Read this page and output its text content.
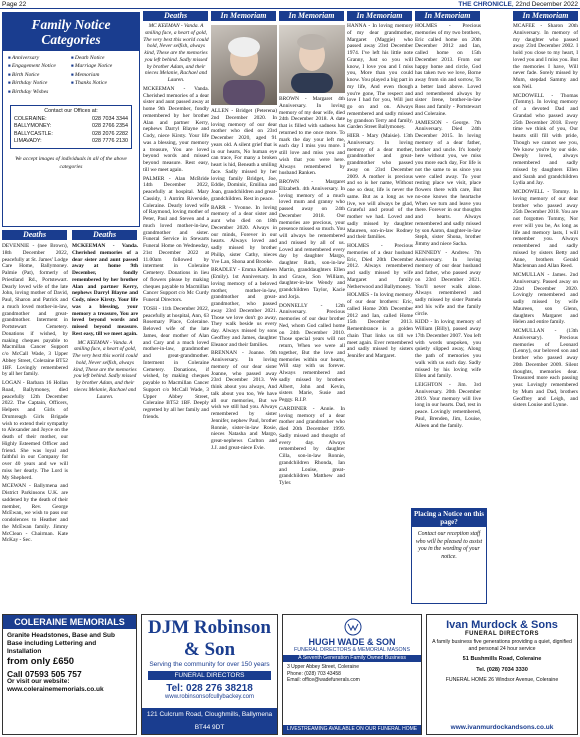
Page 22	THE CHRONICLE, 22nd December 2022
Family Notice Categories
■ Anniversary
■ Engagement Notice
■ Birth Notice
■ Birthday Notice
■ Birthday Wishes
■ Death Notice
■ Marriage Notice
■ Memoriam
■ Thanks Notice
Contact our Offices at:
COLERAINE:	028 7034 3344
BALLYMONEY:	028 2766 2354
BALLYCASTLE:	028 2076 2282
LIMAVADY:	028 7776 2130
We accept images of individuals in all of the above categories
Deaths	In Memoriam	In Memoriam	In Memoriam	In Memoriam	In Memoriam
Deaths	Deaths

DEVENNIE - (nee Brown), 18th December 2022, peacefully at St. James' Lodge Care Home, Ballymoney. Palmie (Pat), formerly of Priestland Rd., Portstewart. Dearly loved wife of the late John, loving mother of David, Paul, Sharon and Patrick and a much loved mother-in-law, grandmother and great-grandmother. Interment in Portstewart Cemetery. Donations if wished, by making cheques payable to Macmillan Cancer Support c/o McCall Wade, 3 Upper Abbey Street, Coleraine BT52 1BF. Lovingly remembered by all her family.

LOGAN - Barbara 16 Hollan Road, Ballymoney, died peacefully 12th December 2022. The Captain, Officers, Helpers and Girls of Drumreagh Girls Brigade wish to extend their sympathy to Alexander and Joyce on the death of their mother, our Highly Esteemed Officer and friend. She was loyal and faithful in our Company for over 40 years and we will miss her dearly. The Lord is My Shepherd.

MCEWAN - Ballymena and District Parkinsons U.K. are saddened by the death of their member, Rev. George McEwan, we wish to pass our condolences to Heather and the McEwan family. Jimmy McClean - Chairman. Kate McKay - Sec.

MCKEEMAN - Vanda. Cherished memories of a dear sister and aunt passed away at home 9th December, fondly remembered by her brother Alan and partner Kerry, nephews Darryl Blayne and Cody, niece Kirsty. Your life was a blessing, your memory a treasure, You are loved beyond words and missed beyond measure. Rest easy, till we meet again.

MC KEEMAN - Vanda. A smiling face, a heart of gold, The very best this world could hold, Never selfish, always kind, These are the memories you left behind. Sadly missed by brother Adam, and their nieces Melanie, Rachael and Lauren.

MC KEEMAN - Vanda. A smiling face, a heart of gold, The very best this world could hold, Never selfish, always kind, These are the memories you left behind. Sadly missed by brother Adam, and their nieces Melanie, Rachael and Lauren.

MCKEEMAN - Vanda. Cherished memories of a dear sister and aunt passed away at home 9th December, fondly remembered by her brother Alan and partner Kerry, nephews Darryl Blayne and Cody, niece Kirsty. Your life was a blessing, your memory a treasure, You are loved beyond words and missed beyond measure. Rest easy, till we meet again.

PALMER - Alan McBride 14th December 2022, peacefully at hospital. Mary Cassidy, 1 Antrim Riverside, Coleraine. Dearly loved wife of Raymond, loving mother of Peter, Paul and Steven and a much loved mother-in-law, grandmother and sister. Funeral Service in Stewarts Funeral Home on Wednesday, 21st December 2022 at 11.00am followed by interment in Coleraine Cemetery. Donations in lieu of flowers please by making cheques payable to Macmillan Cancer Support c/o Mc Curdy Funeral Directors.

TOSH - 11th December 2022, peacefully at hospital, Ann, 63 Rosemary Place, Coleraine. Beloved wife of the late James, dear mother of Alan and Cary and a much loved mother-in-law, grandmother and great-grandmother. Interment in Coleraine Cemetery. Donations, if wished, by making cheques payable to Macmillan Cancer Support c/o McCall Wade, 3 Upper Abbey Street, Coleraine BT52 1BF. Deeply regretted by all her family and friends.

ALLEN - Bridget (Peterena) 2nd December 2020. In loving memory of our dear mother who died on 23rd December 2020, aged 91 years old. A silent grief that is in our hearts, No human eye can trace, For many a broken heart is hid, Beneath a smiling face. Sadly missed by her loving family Bridget, Joe, Eddie, Dominic, Emilina and Joan, grandchildren and great-grandchildren. Rest in peace.

BARR - Yvonne. In loving memory of a dear sister and aunt who died on 18th December 2020. Always in our minds, Forever in our hearts. Always loved and sadly missed by brother Philip, sister Cathy, nieces Yve Lan, Shona and Brooke.

BRADLEY - Emma Kathleen (Emily). 1st Anniversary. In loving memory of a beloved mother, mother-in-law, grandmother and great-grandmother, who passed away 23rd December 2021. Those we love don't go away, They walk beside us every day. Always missed by sons Geoffrey and James, daughter Eleanor and their families.

BRENNAN - Joanne. 9th Anniversary. In loving memory of our dear sister Joanne, who passed away 23rd December 2013. We think about you always, And talk about you too, We have all our memories, But we wish we still had you. Always remembered by sister Jennifer, nephew Paul, brother Ronnie, sister-in-law Rosie, nieces Natasha and Margo, great-nephews Carlton and J.J. and great-niece Evie.

BROWN - Margaret 4th Anniversary. In loving memory of my dear wife, died 24th December 2018. A date that is filled with sadness has returned to me once more. To mark the day your left me, each day I miss you more. I still love and miss you and wish that you were here. Always remembered by husband Ranken.

BROWN - Margaret Elizabeth. 4th Anniversary. In loving memory of a much loved mum and granny who passed away on 24th December 2018. Our memories are precious, your presence missed so much. You will always be remembered and missed by all of us. Loved and remembered every day by daughter Margo, daughter Ruth, son-in-law Martin, granddaughters Ellen and Grace, Son William, daughter-in-law Wendy and grandchildren Taylor, Kacie and Jorja.

DONNELLY - 12th Anniversary. Precious memories of our dear brother Ned, whom God called home on 24th December 2010. Those special years will not return, When we were all together, But the love and memories within our hearts, Will stay with us forever. Always remembered and sadly missed by brothers Albert, John and Kevin, sisters Marie, Susie and Peggy. R.I.P.

GARDINER - Annie. In loving memory of a dear mother and grandmother who died 20th December 1999. Sadly missed and thought of every day. Always remembered by daughter Cilla, son-in-law Ronnie, grandchildren Rhonda, Ian and Louise, great-grandchildren Matthew and Tyler.

HANNA - In loving memory of my dear grandmother, Margaret (Maggie) who passed away 23rd December 1974. I've left his little note Granny, Just so you will know, I love you and I miss you, More than you could know. You played a big part in my life, And even though you're gone, The respect and love I had for you, Will just go on and on. Always remembered and sadly missed by grandson Terry and family, Garden Street Ballymoney.

HIER - Mary (Maisie). 13th Anniversary. In loving memory of a dear mother, grandmother and great-grandmother who passed away on 23rd December 2009. A mother is precious and so is her name, Without one so dear, life is never the same. But as a long as we live, we will always be glad, Grateful and proud of the mother we had. Loved and sadly missed by daughter Maureen, son-in-law Rodney and their families.

HOLMES - Precious memories of a dear husband Eric, Died 20th December 2012. Always remembered and sadly missed by wife Margaret and family Netherwood and Ballymoney.

HOLMES - In loving memory of our dear brothers: Eric, called Home 20th December 2012 and Ian, called Home 15th December 2013. Remembrance is a golden chain That links us till we meet again. Ever remembered and sadly missed by sisters Jennifer and Margaret.

HOLMES - Precious memories of my two brothers, Eric called home on 20th December 2012 and Ian, called home on 15th December 2013. From our happy home and circle, God has taken two we love, Borne away from sin and sorrow, To a better land above. Loved and remembered always by sister Irene, brother-in-law Ross and family - Portstewart and Coleraine.

JAMIESON - George. 7th Anniversary. Died 24th December 2015. In loving memory of a dear father, brother and uncle. It's lonely here without you, we miss you more each day, For life is not the same to us since you were called away. To your resting place we visit, place flowers there with care, But no-one knows the heartache When we turn and leave you there. Forever in our thoughts and hearts. Always remembered and sadly missed by son Aaron, daughter-in-law Steph, sister Shona, brother Jimmy and niece Sacha.

KENNEDY - Andrew. 7th Anniversary. In loving memory of our dear husband and father, who passed away on 23rd December 2021. You'll never walk alone. Always remembered and sadly missed by sister Pamela and his wife and the family circle.

KIDD - In loving memory of William (Billy), passed away 17th December 2007. You left with words unspoken, you quietly slipped away, Along the path of memories you walk with us each day. Sadly missed by his loving wife Ellen and family.

LEIGHTON - Jim. 3rd Anniversary. 20th December 2019. Your memory will live long in our hearts. Dad, rest in peace. Lovingly remembered, Paul, Brenden, Jim, Louise, Aileen and the family.

MCAFEE - Sharon 20th Anniversary. In memory of my daughter who passed away 23rd December 2002. I hold you close to my heart, I loved you and I miss you. But the memories I have, Will never fade. Sorely missed by Mum, stepdad Sammy and son Neil.

MCDOWELL - Thomas (Tommy). In loving memory of a devoted Dad and Grandad who passed away 25th December 2018. Every time we think of you, Our hearts still fill with pride, Though we cannot see you, We know you're by our side. Deeply loved, always remembered and sadly missed by daughters Ellen and Sarah and grandchildren Lydia and Jay.

MCDOWELL - Tommy. In loving memory of our dear brother who passed away 25th December 2018. You are not forgotten Tommy, Nor ever will you be, As long as life and memory lasts, I will remember you. Always remembered and sadly missed by sisters Betty and Anne, brothers Gerald Maclennan and Allan Reed.

MCMULLAN - James. 2nd Anniversary. Passed away on 22nd December 2020. Lovingly remembered and sadly missed by wife Maureen, son Glenn, daughters Margaret and Helen and entire family.

MCMULLAN - (13th Anniversary). Precious memories of Leonard (Lenny), our beloved son and brother who passed away 20th December 2009. Silent thoughts, memories dear. Treasured more each passing year. Lovingly remembered by Mum and Dad, brothers Geoffrey and Leigh, and sisters Louise and Lynne.

Placing a Notice on this page?
Contact our reception staff who will be pleased to assist you in the wording of your notice.
COLERAINE MEMORIALS
Granite Headstones, Base and Sub Base including Lettering and Installation
from only £650
Call 07593 505 757
Or visit our website: www.colerainememorials.co.uk
DJM Robinson & Son
Serving the community for over 150 years
FUNERAL DIRECTORS
Tel: 028 276 38218
www.robinsonsofcullybackey.com
121 Culcrum Road, Cloughmills, Ballymena BT44 9DT
HUGH WADE & SON
FUNERAL DIRECTORS & MEMORIAL MASONS
A Seventh Generation Family Owned Business
3 Upper Abbey Street, Coleraine
Phone: (028) 703 43458
Email: office@wadefunerals.com
LIVESTREAMING AVAILABLE ON OUR FUNERAL HOME
Ivan Murdock & Sons
FUNERAL DIRECTORS
A family business five generations providing a quiet, dignified and personal 24 hour service
51 Bushmills Road, Coleraine
Tel. (028) 7034 3330
FUNERAL HOME 26 Windsor Avenue, Coleraine
www.ivanmurdockandsons.co.uk
